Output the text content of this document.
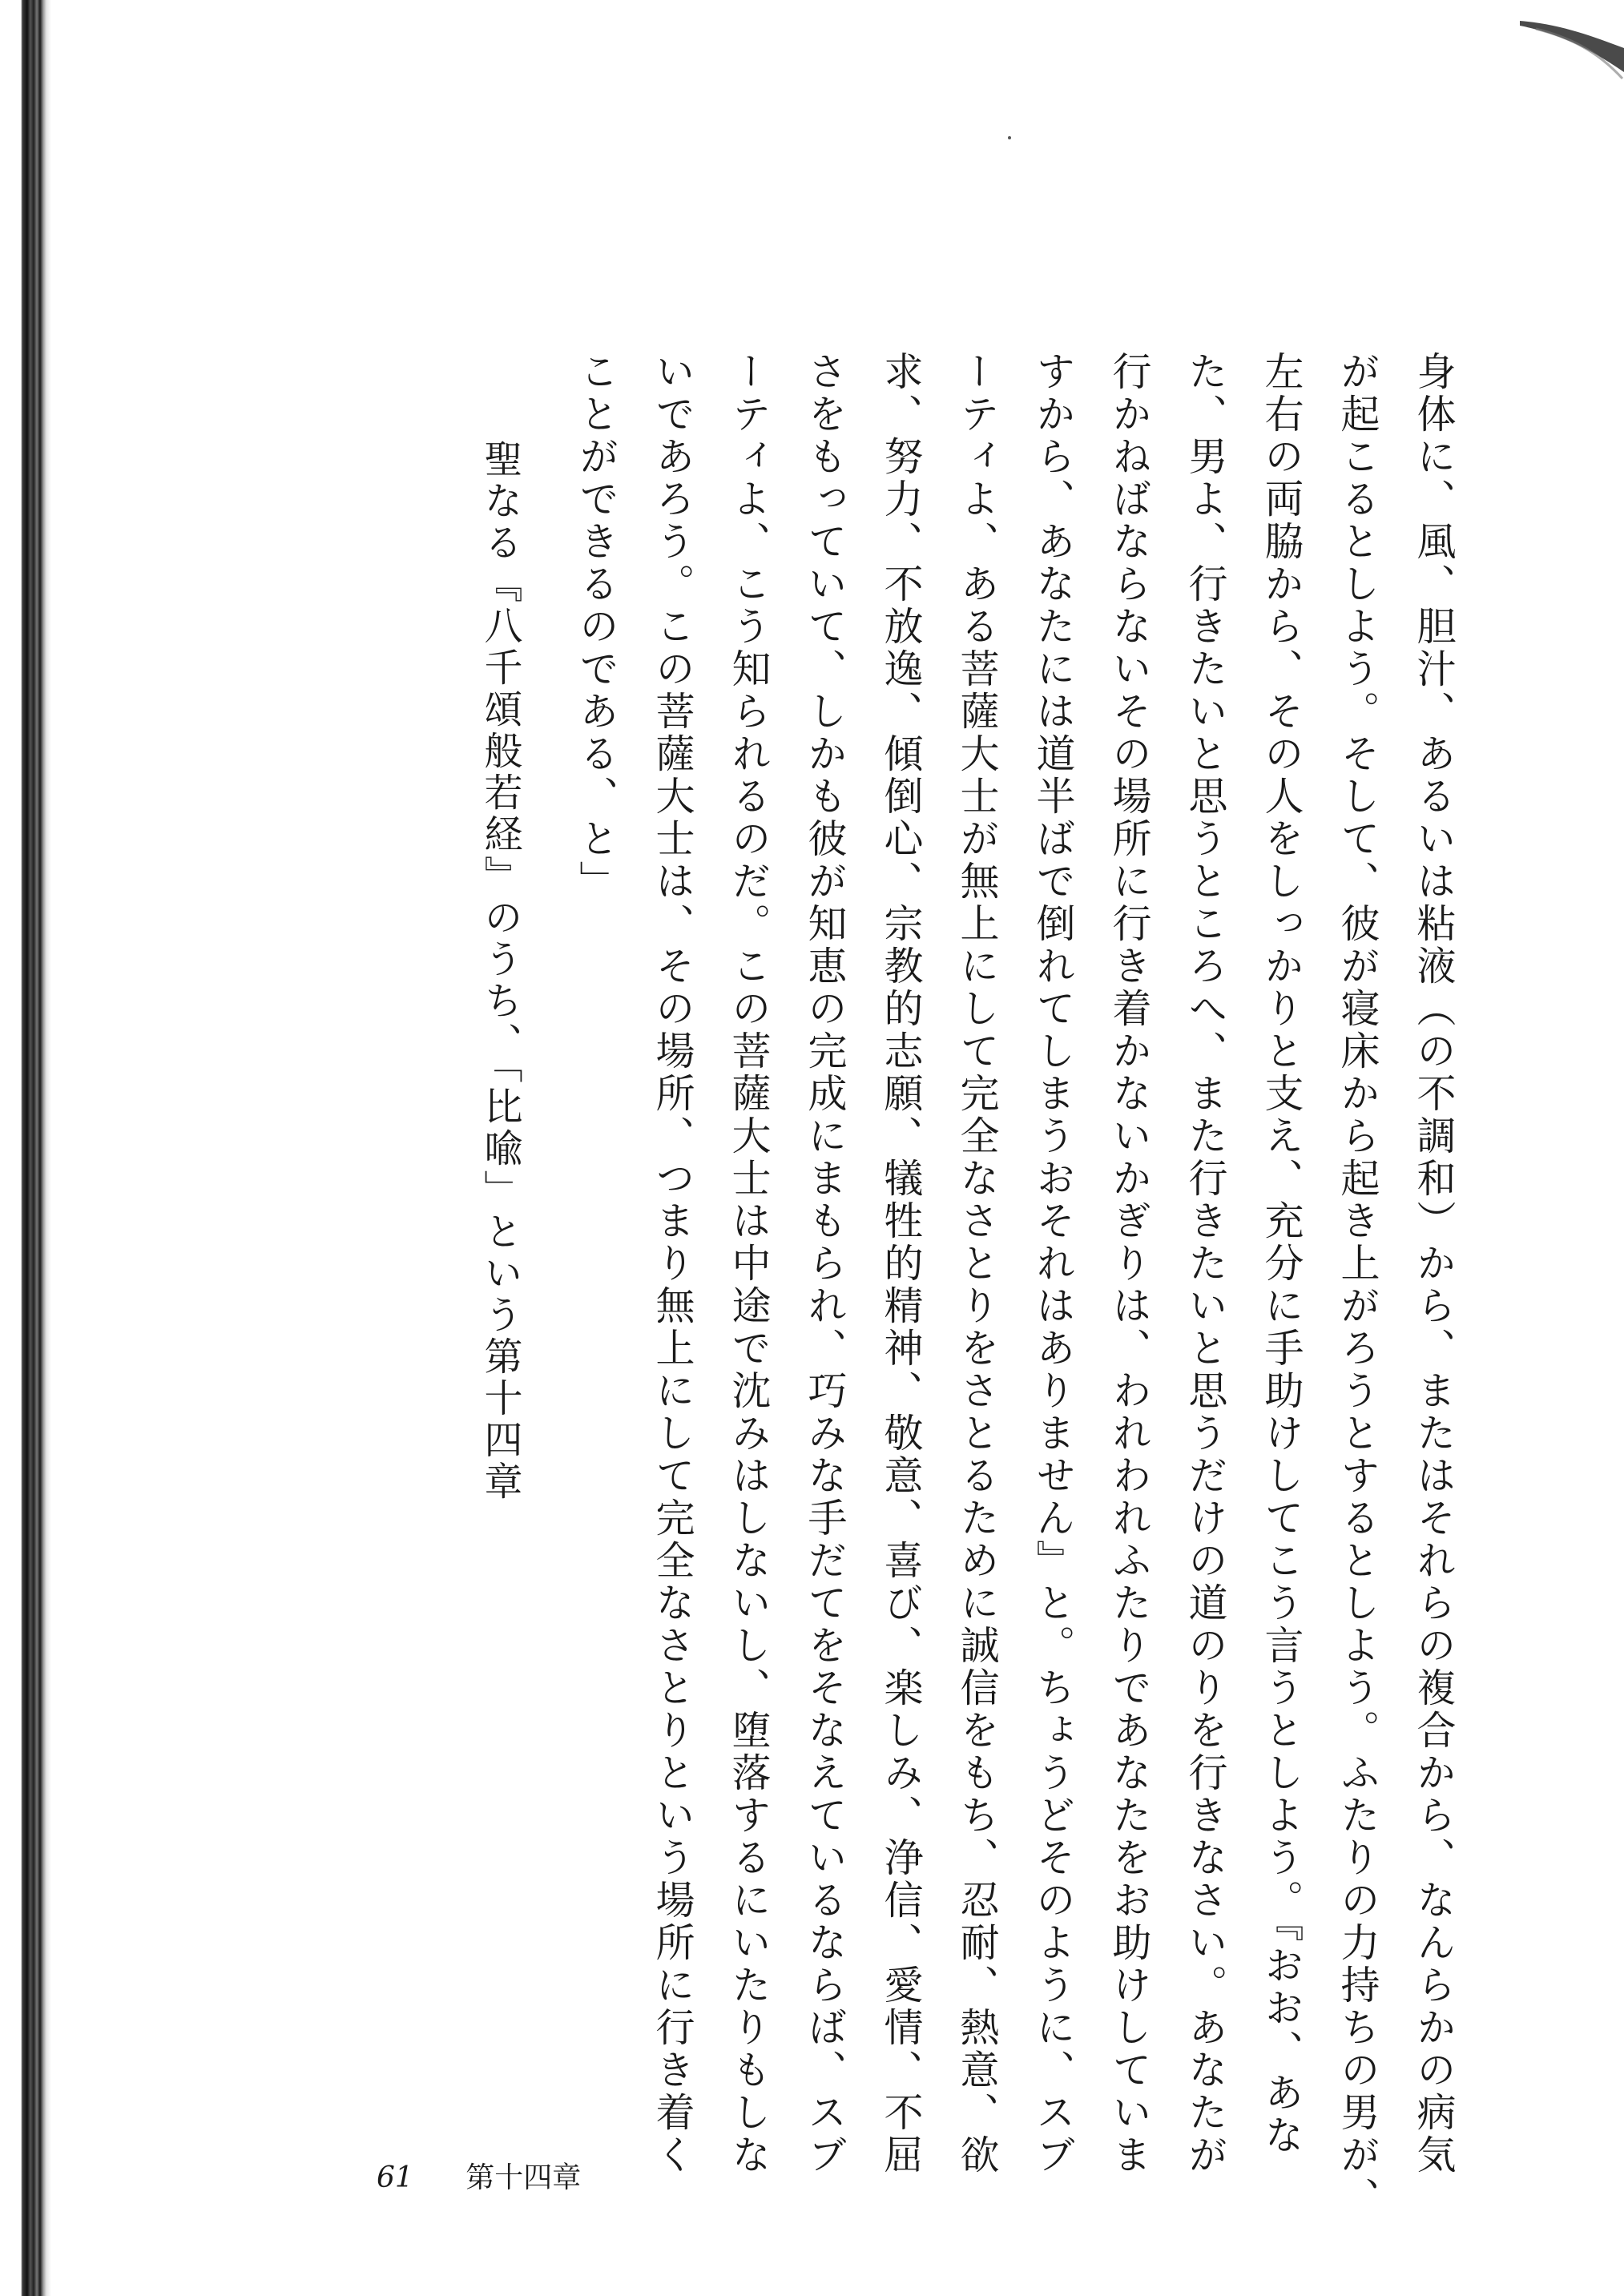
身体に、風、胆汁、あるいは粘液（の不調和）から、またはそれらの複合から、なんらかの病気
が起こるとしよう。そして、彼が寝床から起き上がろうとするとしよう。ふたりの力持ちの男が、
左右の両脇から、その人をしっかりと支え、充分に手助けしてこう言うとしよう。『おお、あな
た、男よ、行きたいと思うところへ、また行きたいと思うだけの道のりを行きなさい。あなたが
行かねばならないその場所に行き着かないかぎりは、われわれふたりであなたをお助けしていま
すから、あなたには道半ばで倒れてしまうおそれはありません』と。ちょうどそのように、スブ
ーティよ、ある菩薩大士が無上にして完全なさとりをさとるために誠信をもち、忍耐、熱意、欲
求、努力、不放逸、傾倒心、宗教的志願、犠牲的精神、敬意、喜び、楽しみ、浄信、愛情、不屈
さをもっていて、しかも彼が知恵の完成にまもられ、巧みな手だてをそなえているならば、スブ
ーティよ、こう知られるのだ。この菩薩大士は中途で沈みはしないし、堕落するにいたりもしな
いであろう。この菩薩大士は、その場所、つまり無上にして完全なさとりという場所に行き着く
ことができるのである、と」
聖なる『八千頌般若経』のうち、「比喩」という第十四章
61 第十四章
